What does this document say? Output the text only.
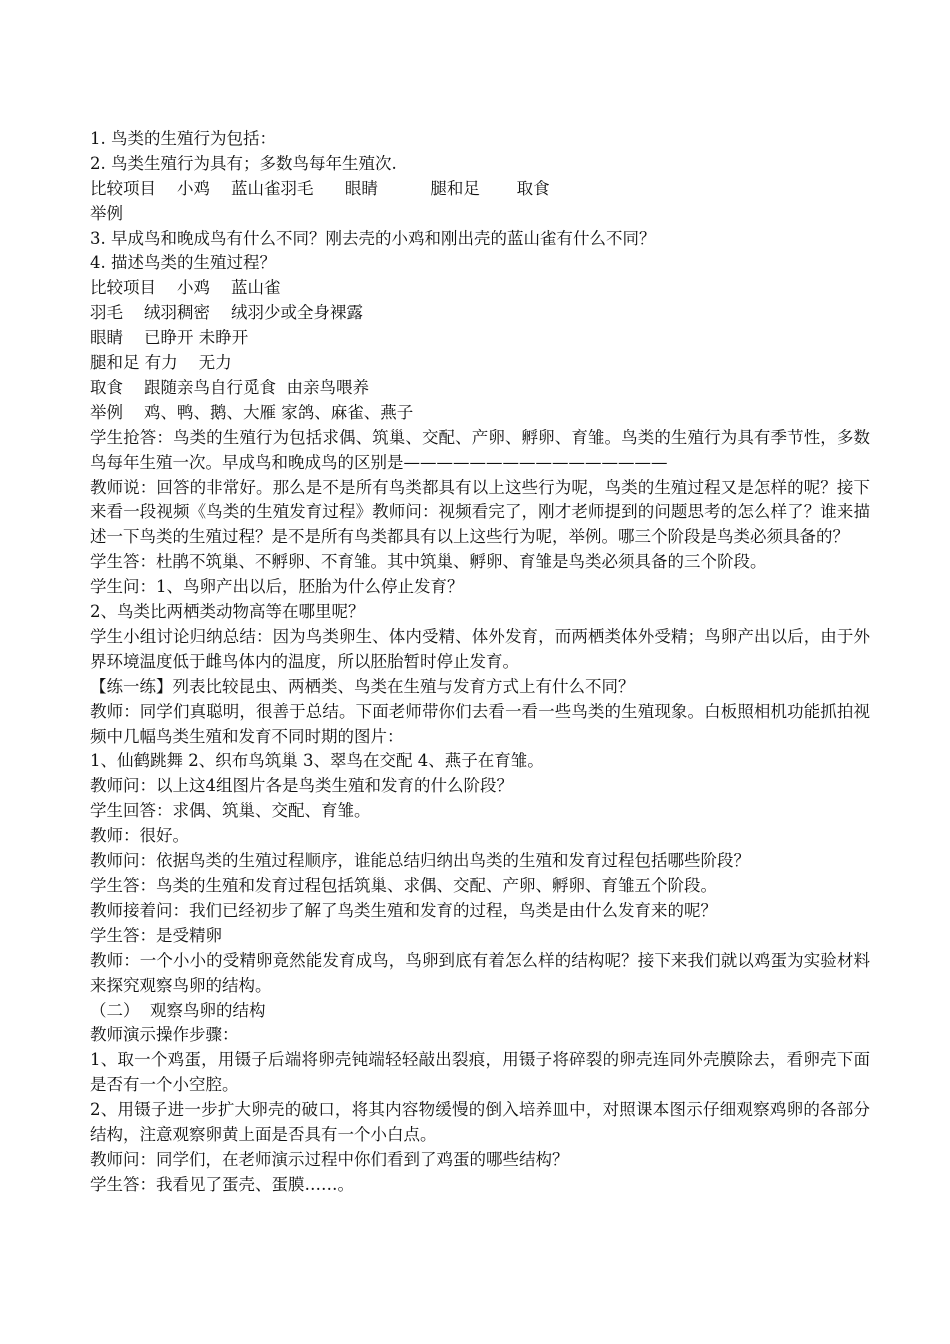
1. 鸟类的生殖行为包括：
2. 鸟类生殖行为具有；多数鸟每年生殖次.
比较项目    小鸡    蓝山雀羽毛      眼睛          腿和足       取食
举例
3. 早成鸟和晚成鸟有什么不同？刚去壳的小鸡和刚出壳的蓝山雀有什么不同？
4. 描述鸟类的生殖过程？
比较项目    小鸡    蓝山雀
羽毛    绒羽稠密    绒羽少或全身裸露
眼睛    已睁开 未睁开
腿和足 有力    无力
取食    跟随亲鸟自行觅食  由亲鸟喂养
举例    鸡、鸭、鹅、大雁 家鸽、麻雀、燕子
学生抢答：鸟类的生殖行为包括求偶、筑巢、交配、产卵、孵卵、育雏。鸟类的生殖行为具有季节性，多数鸟每年生殖一次。早成鸟和晚成鸟的区别是————————————————
教师说：回答的非常好。那么是不是所有鸟类都具有以上这些行为呢，鸟类的生殖过程又是怎样的呢？接下来看一段视频《鸟类的生殖发育过程》教师问：视频看完了，刚才老师提到的问题思考的怎么样了？谁来描述一下鸟类的生殖过程？是不是所有鸟类都具有以上这些行为呢，举例。哪三个阶段是鸟类必须具备的？
学生答：杜鹃不筑巢、不孵卵、不育雏。其中筑巢、孵卵、育雏是鸟类必须具备的三个阶段。
学生问：1、鸟卵产出以后，胚胎为什么停止发育？
2、鸟类比两栖类动物高等在哪里呢？
学生小组讨论归纳总结：因为鸟类卵生、体内受精、体外发育，而两栖类体外受精；鸟卵产出以后，由于外界环境温度低于雌鸟体内的温度，所以胚胎暂时停止发育。
【练一练】列表比较昆虫、两栖类、鸟类在生殖与发育方式上有什么不同？
教师：同学们真聪明，很善于总结。下面老师带你们去看一看一些鸟类的生殖现象。白板照相机功能抓拍视频中几幅鸟类生殖和发育不同时期的图片：
1、仙鹤跳舞 2、织布鸟筑巢 3、翠鸟在交配 4、燕子在育雏。
教师问：以上这4组图片各是鸟类生殖和发育的什么阶段？
学生回答：求偶、筑巢、交配、育雏。
教师：很好。
教师问：依据鸟类的生殖过程顺序，谁能总结归纳出鸟类的生殖和发育过程包括哪些阶段？
学生答：鸟类的生殖和发育过程包括筑巢、求偶、交配、产卵、孵卵、育雏五个阶段。
教师接着问：我们已经初步了解了鸟类生殖和发育的过程，鸟类是由什么发育来的呢？
学生答：是受精卵
教师：一个小小的受精卵竟然能发育成鸟，鸟卵到底有着怎么样的结构呢？接下来我们就以鸡蛋为实验材料来探究观察鸟卵的结构。
（二）  观察鸟卵的结构
教师演示操作步骤：
1、取一个鸡蛋，用镊子后端将卵壳钝端轻轻敲出裂痕，用镊子将碎裂的卵壳连同外壳膜除去，看卵壳下面是否有一个小空腔。
2、用镊子进一步扩大卵壳的破口，将其内容物缓慢的倒入培养皿中，对照课本图示仔细观察鸡卵的各部分结构，注意观察卵黄上面是否具有一个小白点。
教师问：同学们，在老师演示过程中你们看到了鸡蛋的哪些结构？
学生答：我看见了蛋壳、蛋膜……。
